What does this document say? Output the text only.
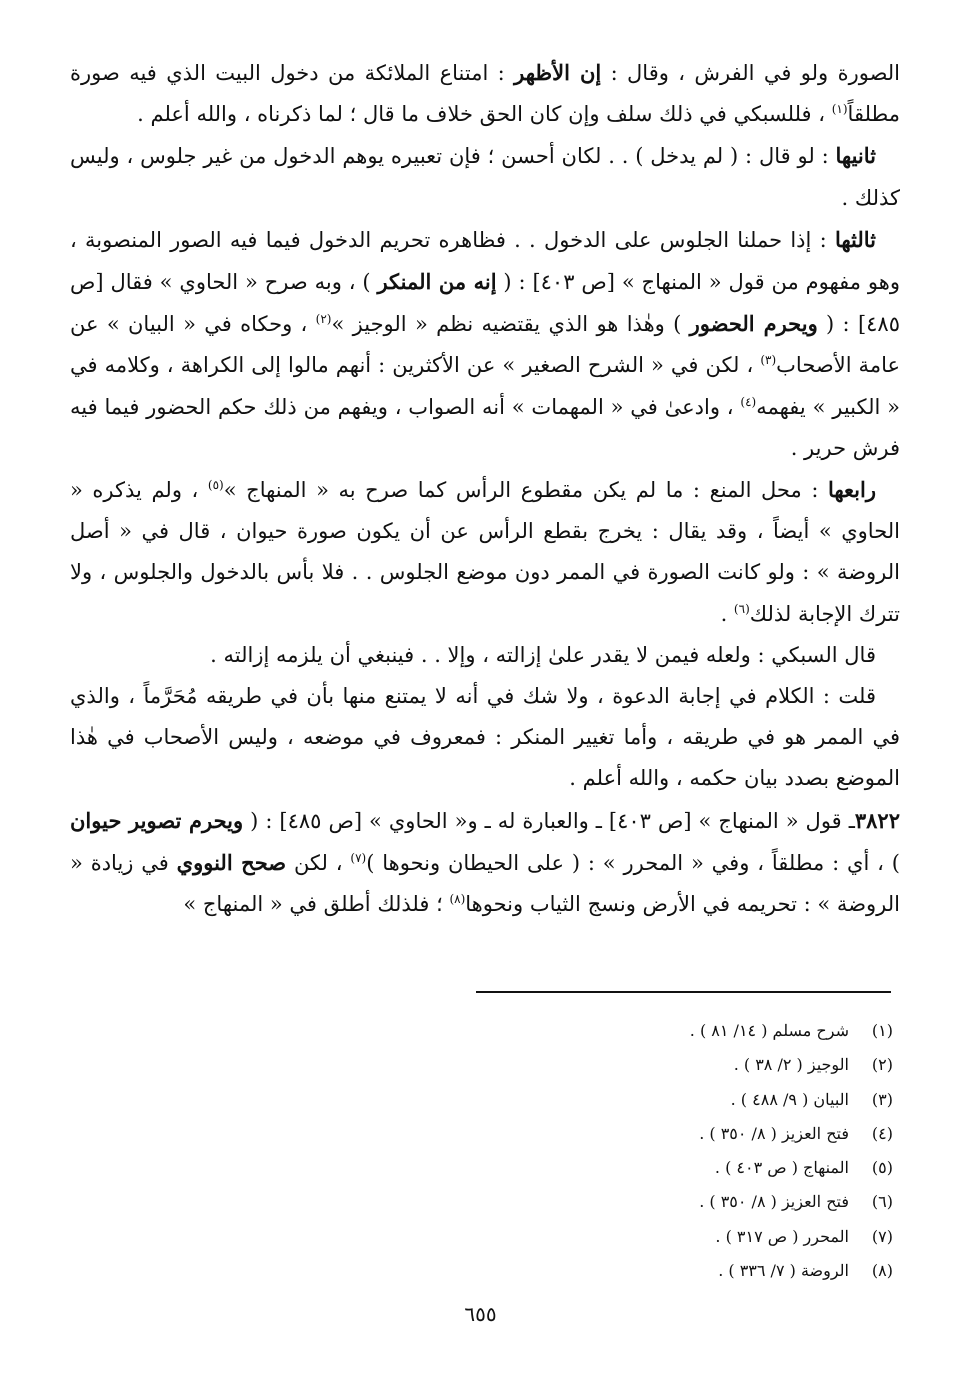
الصورة ولو في الفرش ، وقال : إن الأظهر : امتناع الملائكة من دخول البيت الذي فيه صورة مطلقاً$^{(١)}$ ، فللسبكي في ذلك سلف وإن كان الحق خلاف ما قال ؛ لما ذكرناه ، والله أعلم .

ثانيها : لو قال : ( لم يدخل ) . . لكان أحسن ؛ فإن تعبيره يوهم الدخول من غير جلوس ، وليس كذلك .

ثالثها : إذا حملنا الجلوس على الدخول . . فظاهره تحريم الدخول فيما فيه الصور المنصوبة ، وهو مفهوم من قول « المنهاج » [ص ٤٠٣] : ( إنه من المنكر ) ، وبه صرح « الحاوي » فقال [ص ٤٨٥] : ( ويحرم الحضور ) وهٰذا هو الذي يقتضيه نظم « الوجيز »$^{(٢)}$ ، وحكاه في « البيان » عن عامة الأصحاب$^{(٣)}$ ، لكن في « الشرح الصغير » عن الأكثرين : أنهم مالوا إلى الكراهة ، وكلامه في « الكبير » يفهمه$^{(٤)}$ ، وادعىٰ في « المهمات » أنه الصواب ، ويفهم من ذلك حكم الحضور فيما فيه فرش حرير .

رابعها : محل المنع : ما لم يكن مقطوع الرأس كما صرح به « المنهاج »$^{(٥)}$ ، ولم يذكره « الحاوي » أيضاً ، وقد يقال : يخرج بقطع الرأس عن أن يكون صورة حيوان ، قال في « أصل الروضة » : ولو كانت الصورة في الممر دون موضع الجلوس . . فلا بأس بالدخول والجلوس ، ولا تترك الإجابة لذلك$^{(٦)}$ .

قال السبكي : ولعله فيمن لا يقدر علىٰ إزالته ، وإلا . . فينبغي أن يلزمه إزالته .

قلت : الكلام في إجابة الدعوة ، ولا شك في أنه لا يمتنع منها بأن في طريقه مُحَرَّماً ، والذي في الممر هو في طريقه ، وأما تغيير المنكر : فمعروف في موضعه ، وليس الأصحاب في هٰذا الموضع بصدد بيان حكمه ، والله أعلم .

٣٨٢٢ـ قول « المنهاج » [ص ٤٠٣] ـ والعبارة له ـ و« الحاوي » [ص ٤٨٥] : ( ويحرم تصوير حيوان ) ، أي : مطلقاً ، وفي « المحرر » : ( على الحيطان ونحوها )$^{(٧)}$ ، لكن صحح النووي في زيادة « الروضة » : تحريمه في الأرض ونسج الثياب ونحوها$^{(٨)}$ ؛ فلذلك أطلق في « المنهاج »

(١)شرح مسلم ( ١٤/ ٨١ ) .
(٢)الوجيز ( ٢/ ٣٨ ) .
(٣)البيان ( ٩/ ٤٨٨ ) .
(٤)فتح العزيز ( ٨/ ٣٥٠ ) .
(٥)المنهاج ( ص ٤٠٣ ) .
(٦)فتح العزيز ( ٨/ ٣٥٠ ) .
(٧)المحرر ( ص ٣١٧ ) .
(٨)الروضة ( ٧/ ٣٣٦ ) .
٦٥٥
